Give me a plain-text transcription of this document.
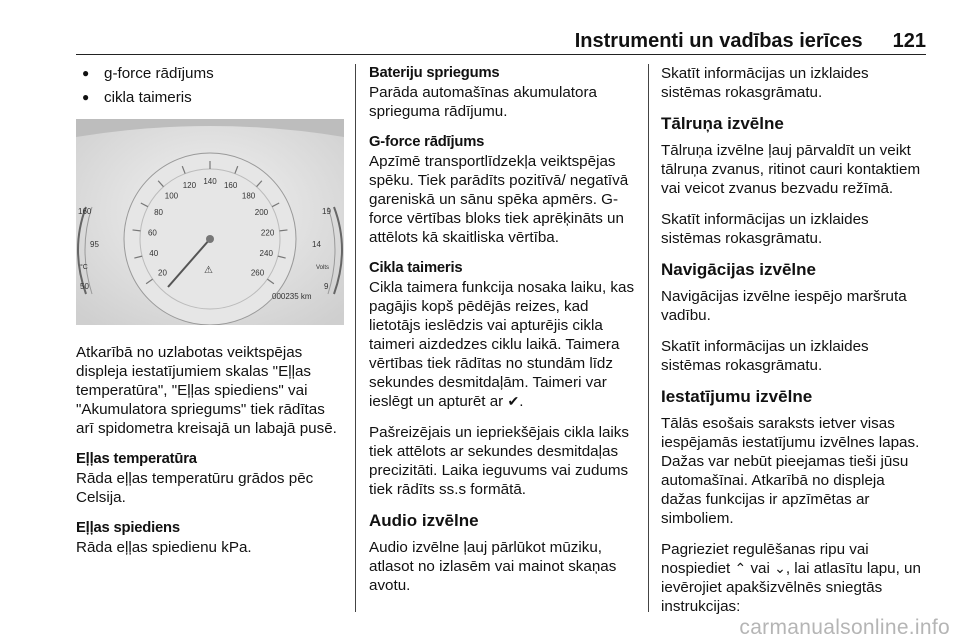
Instrumenti un vadības ierīces 121
● g-force rādījums
● cikla taimeris
160
95
°C
50
20
40
60
80
100
120 140 160
180
200
220
240
260
⚠
19
14
Volts
9
000235 km

Atkarībā no uzlabotas veiktspējas displeja iestatījumiem skalas "Eļļas temperatūra", "Eļļas spiediens" vai "Akumulatora spriegums" tiek rādītas arī spidometra kreisajā un labajā pusē.

Eļļas temperatūra

Rāda eļļas temperatūru grādos pēc Celsija.

Eļļas spiediens

Rāda eļļas spiedienu kPa.

Bateriju spriegums

Parāda automašīnas akumulatora sprieguma rādījumu.

G-force rādījums

Apzīmē transportlīdzekļa veiktspējas spēku. Tiek parādīts pozitīvā/ negatīvā gareniskā un sānu spēka apmērs. G-force vērtības bloks tiek aprēķināts un attēlots kā skaitliska vērtība.

Cikla taimeris

Cikla taimera funkcija nosaka laiku, kas pagājis kopš pēdējās reizes, kad lietotājs ieslēdzis vai apturējis cikla taimeri aizdedzes ciklu laikā. Taimera vērtības tiek rādītas no stundām līdz sekundes desmitdaļām. Taimeri var ieslēgt un apturēt ar ✔.

Pašreizējais un iepriekšējais cikla laiks tiek attēlots ar sekundes desmitdaļas precizitāti. Laika ieguvums vai zudums tiek rādīts ss.s formātā.

Audio izvēlne

Audio izvēlne ļauj pārlūkot mūziku, atlasot no izlasēm vai mainot skaņas avotu.

Skatīt informācijas un izklaides sistēmas rokasgrāmatu.

Tālruņa izvēlne

Tālruņa izvēlne ļauj pārvaldīt un veikt tālruņa zvanus, ritinot cauri kontaktiem vai veicot zvanus bezvadu režīmā.

Skatīt informācijas un izklaides sistēmas rokasgrāmatu.

Navigācijas izvēlne

Navigācijas izvēlne iespējo maršruta vadību.

Skatīt informācijas un izklaides sistēmas rokasgrāmatu.

Iestatījumu izvēlne

Tālās esošais saraksts ietver visas iespējamās iestatījumu izvēlnes lapas. Dažas var nebūt pieejamas tieši jūsu automašīnai. Atkarībā no displeja dažas funkcijas ir apzīmētas ar simboliem.

Pagrieziet regulēšanas ripu vai nospiediet ⌃ vai ⌄, lai atlasītu lapu, un ievērojiet apakšizvēlnēs sniegtās instrukcijas:

carmanualsonline.info
